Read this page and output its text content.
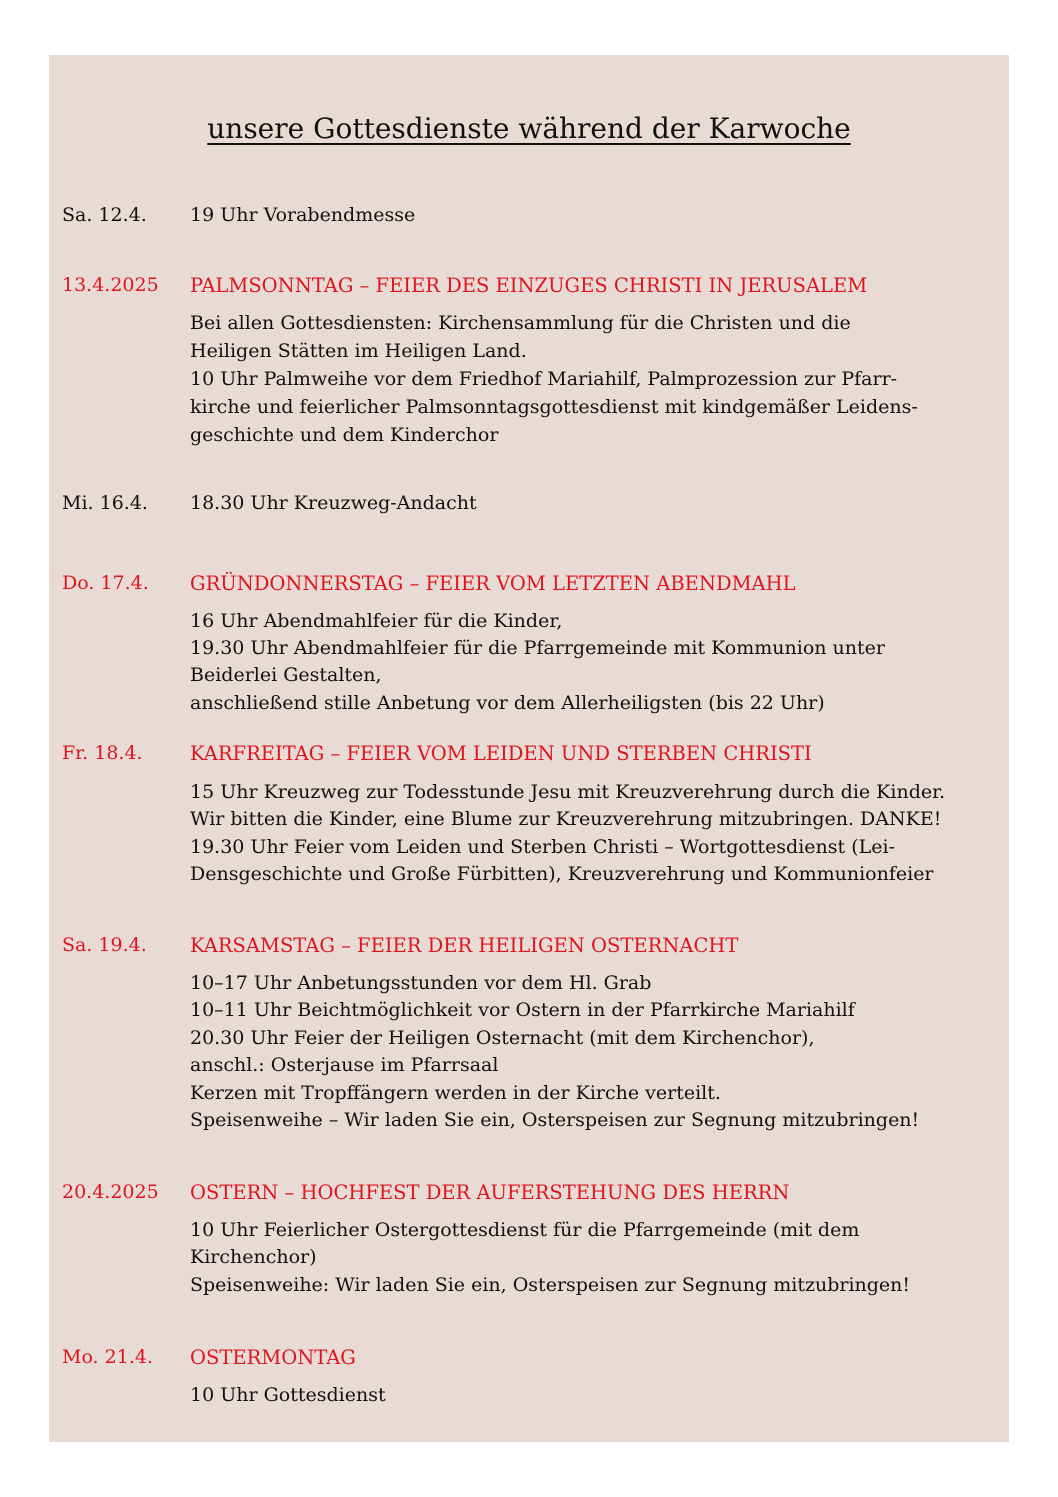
unsere Gottesdienste während der Karwoche
Sa. 12.4. 19 Uhr Vorabendmesse
13.4.2025 PALMSONNTAG – FEIER DES EINZUGES CHRISTI IN JERUSALEM
Bei allen Gottesdiensten: Kirchensammlung für die Christen und die
Heiligen Stätten im Heiligen Land.
10 Uhr Palmweihe vor dem Friedhof Mariahilf, Palmprozession zur Pfarr-
kirche und feierlicher Palmsonntagsgottesdienst mit kindgemäßer Leidens-
geschichte und dem Kinderchor
Mi. 16.4. 18.30 Uhr Kreuzweg-Andacht
Do. 17.4. GRÜNDONNERSTAG – FEIER VOM LETZTEN ABENDMAHL
16 Uhr Abendmahlfeier für die Kinder,
19.30 Uhr Abendmahlfeier für die Pfarrgemeinde mit Kommunion unter
Beiderlei Gestalten,
anschließend stille Anbetung vor dem Allerheiligsten (bis 22 Uhr)
Fr. 18.4. KARFREITAG – FEIER VOM LEIDEN UND STERBEN CHRISTI
15 Uhr Kreuzweg zur Todesstunde Jesu mit Kreuzverehrung durch die Kinder.
Wir bitten die Kinder, eine Blume zur Kreuzverehrung mitzubringen. DANKE!
19.30 Uhr Feier vom Leiden und Sterben Christi – Wortgottesdienst (Lei-
Densgeschichte und Große Fürbitten), Kreuzverehrung und Kommunionfeier
Sa. 19.4. KARSAMSTAG – FEIER DER HEILIGEN OSTERNACHT
10–17 Uhr Anbetungsstunden vor dem Hl. Grab
10–11 Uhr Beichtmöglichkeit vor Ostern in der Pfarrkirche Mariahilf
20.30 Uhr Feier der Heiligen Osternacht (mit dem Kirchenchor),
anschl.: Osterjause im Pfarrsaal
Kerzen mit Tropffängern werden in der Kirche verteilt.
Speisenweihe – Wir laden Sie ein, Osterspeisen zur Segnung mitzubringen!
20.4.2025 OSTERN – HOCHFEST DER AUFERSTEHUNG DES HERRN
10 Uhr Feierlicher Ostergottesdienst für die Pfarrgemeinde (mit dem
Kirchenchor)
Speisenweihe: Wir laden Sie ein, Osterspeisen zur Segnung mitzubringen!
Mo. 21.4. OSTERMONTAG
10 Uhr Gottesdienst
